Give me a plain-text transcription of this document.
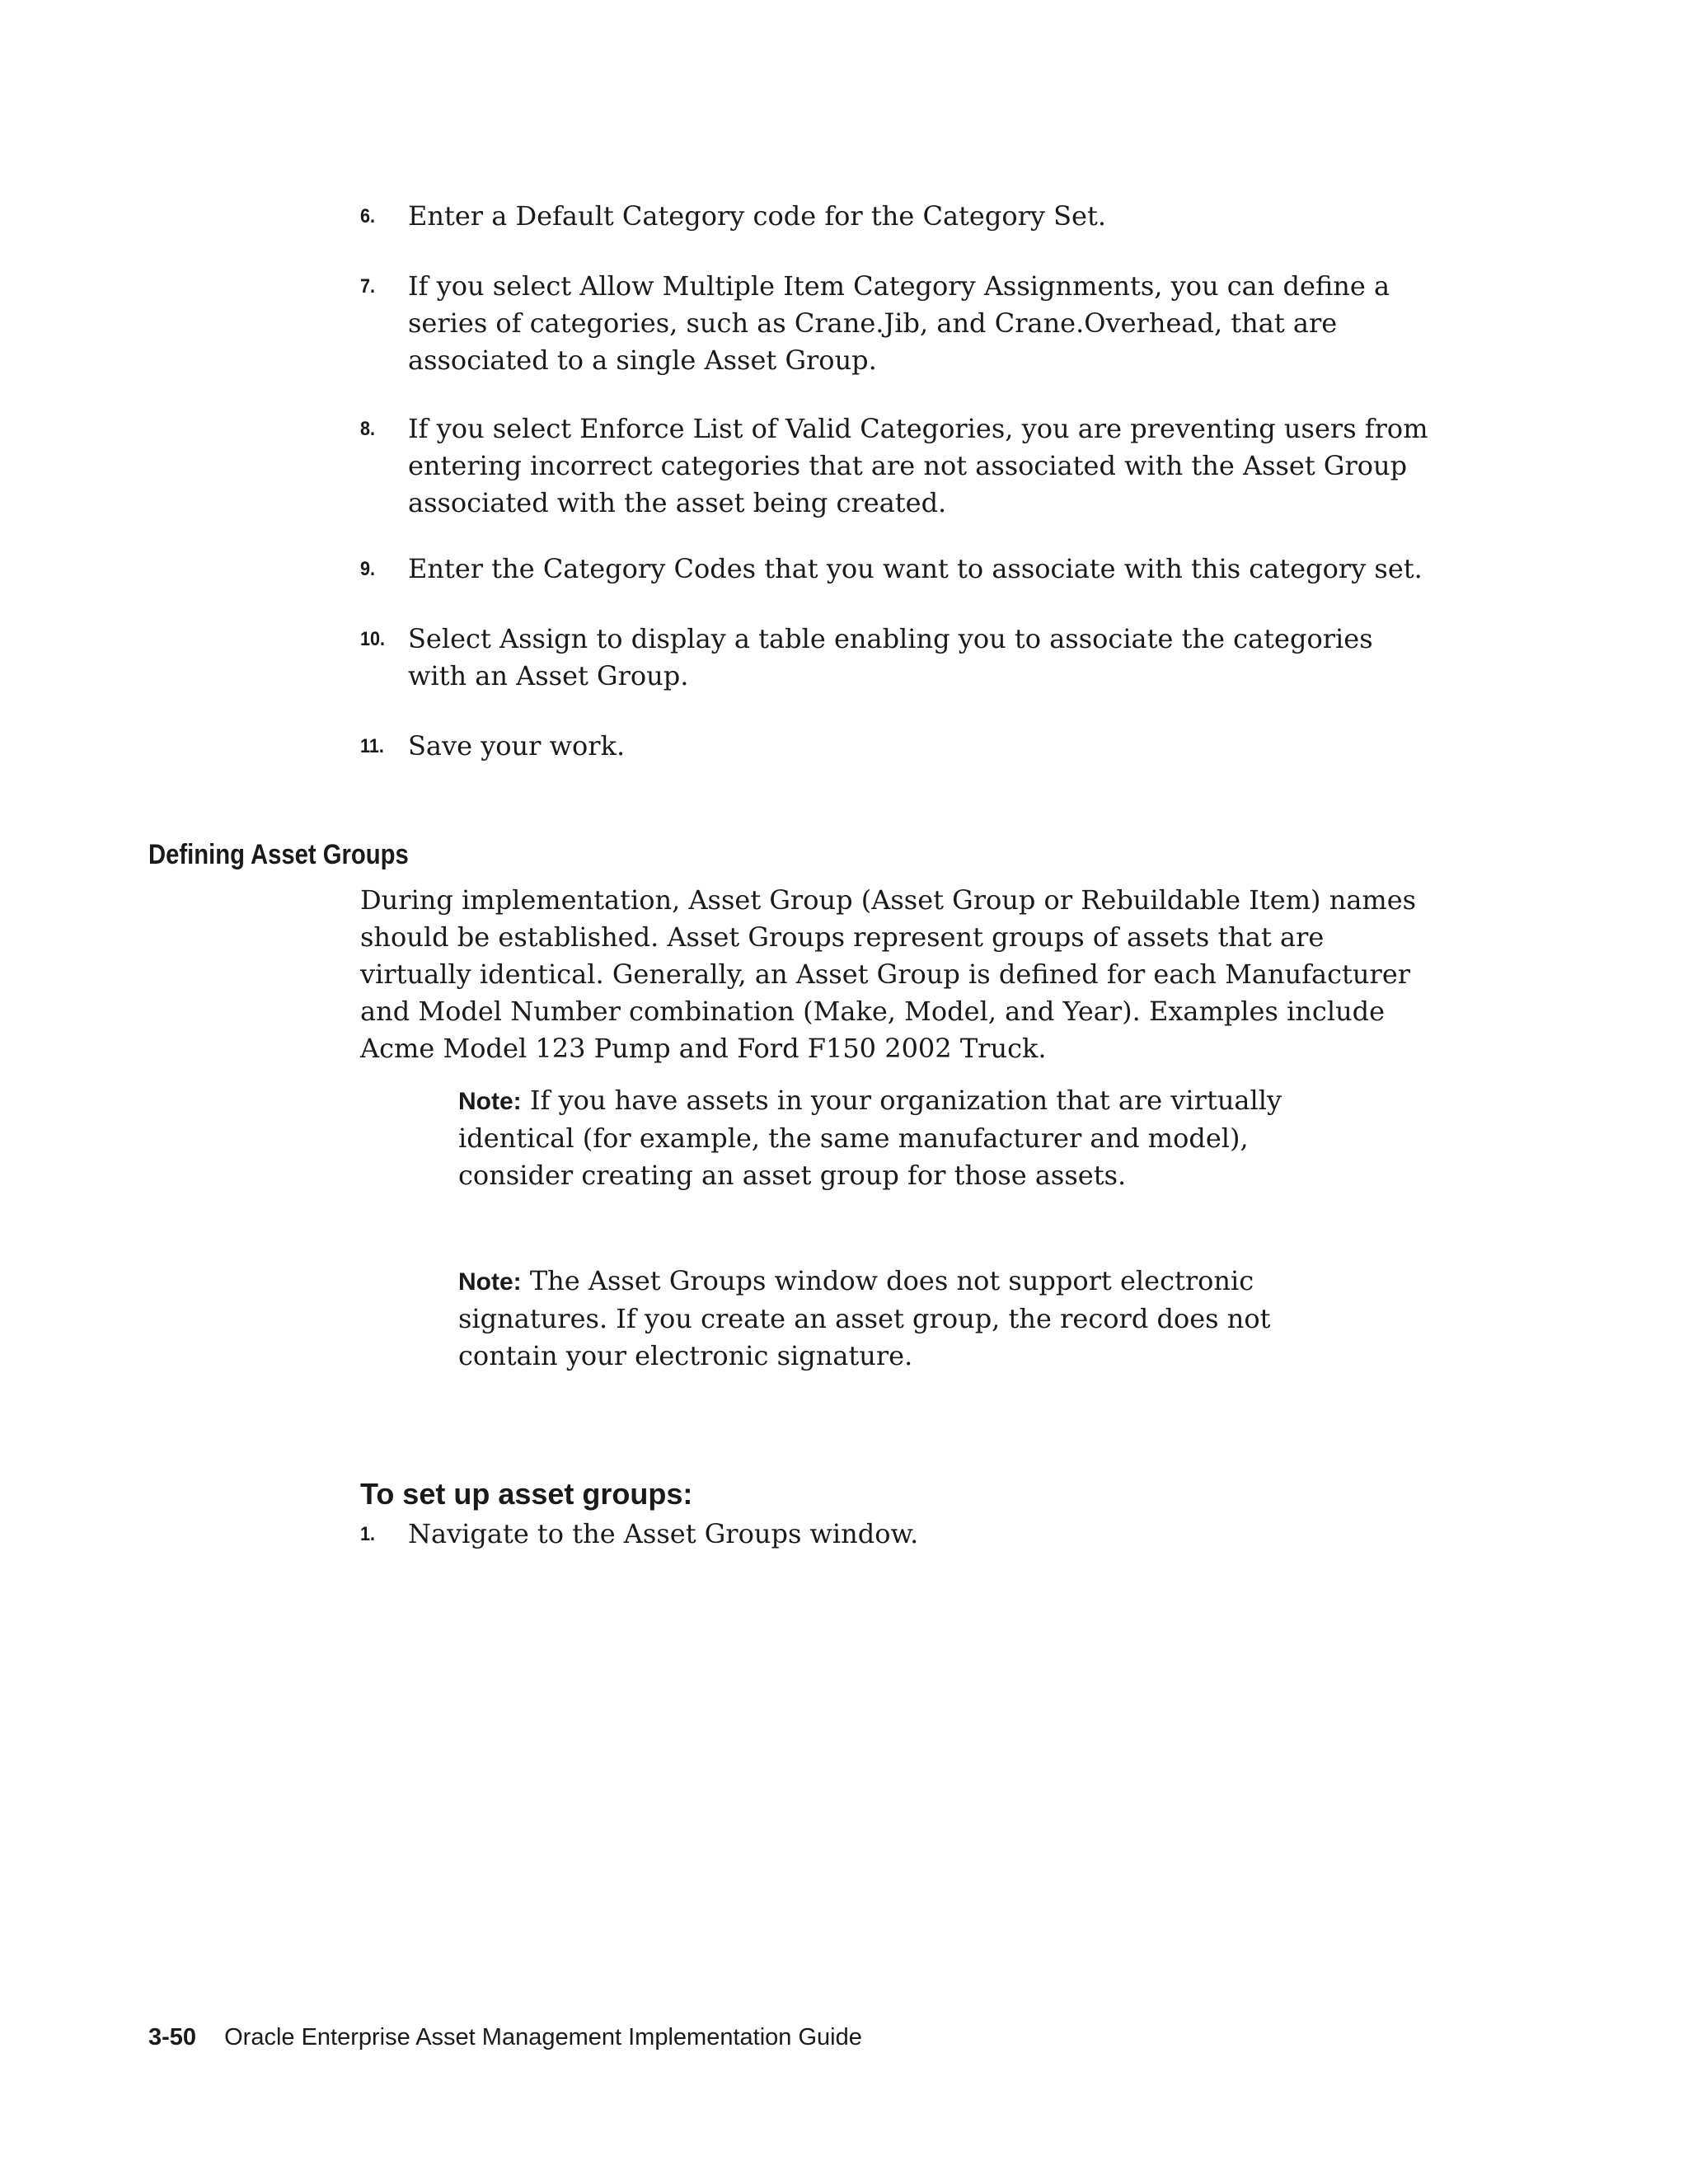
6. Enter a Default Category code for the Category Set.
7. If you select Allow Multiple Item Category Assignments, you can define a series of categories, such as Crane.Jib, and Crane.Overhead, that are associated to a single Asset Group.
8. If you select Enforce List of Valid Categories, you are preventing users from entering incorrect categories that are not associated with the Asset Group associated with the asset being created.
9. Enter the Category Codes that you want to associate with this category set.
10. Select Assign to display a table enabling you to associate the categories with an Asset Group.
11. Save your work.
Defining Asset Groups
During implementation, Asset Group (Asset Group or Rebuildable Item) names should be established. Asset Groups represent groups of assets that are virtually identical. Generally, an Asset Group is defined for each Manufacturer and Model Number combination (Make, Model, and Year). Examples include Acme Model 123 Pump and Ford F150 2002 Truck.
Note: If you have assets in your organization that are virtually identical (for example, the same manufacturer and model), consider creating an asset group for those assets.
Note: The Asset Groups window does not support electronic signatures. If you create an asset group, the record does not contain your electronic signature.
To set up asset groups:
1. Navigate to the Asset Groups window.
3-50 Oracle Enterprise Asset Management Implementation Guide
